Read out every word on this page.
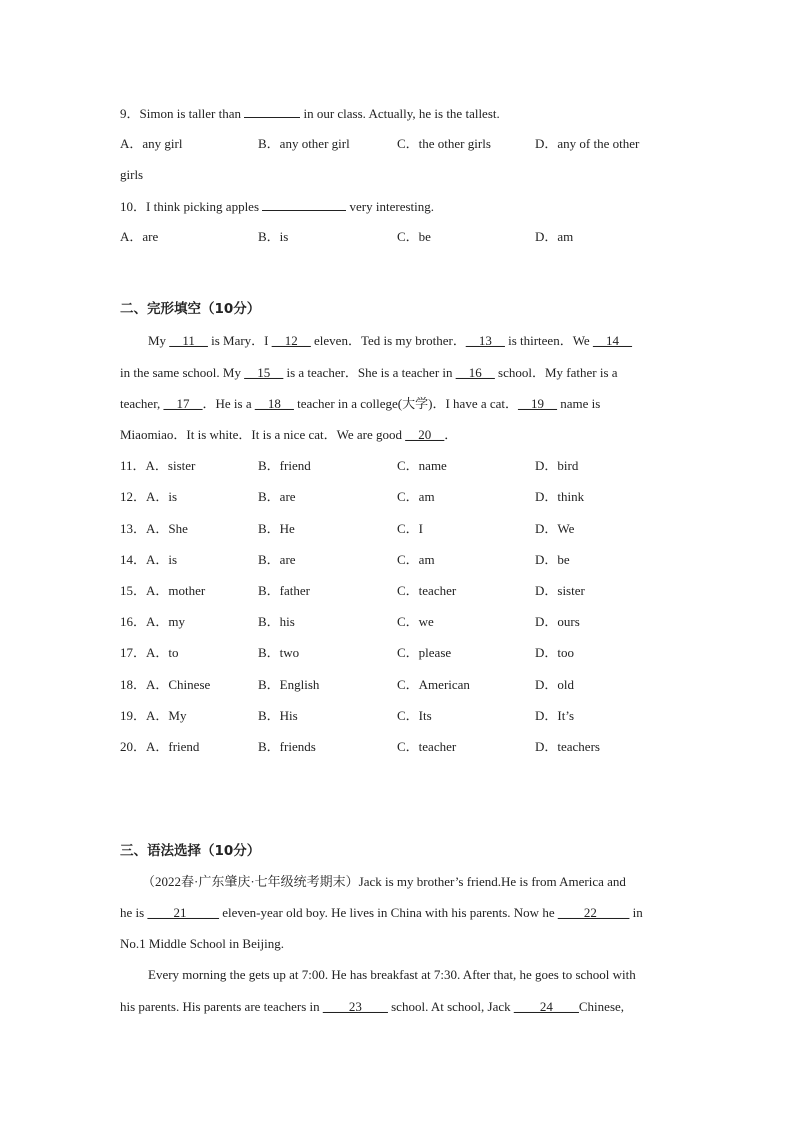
9．Simon is taller than	in our class. Actually, he is the tallest.
A．any girl	B．any other girl	C．the other girls	D．any of the other
girls
10．I think picking apples	very interesting.
A．are	B．is	C．be	D．am
二、完形填空（10分）
My __11__ is Mary．I __12__ eleven．Ted is my brother．__13__ is thirteen．We __14__
in the same school. My __15__ is a teacher．She is a teacher in __16__ school．My father is a
teacher, __17__．He is a __18__ teacher in a college(大学)．I have a cat．__19__ name is
Miaomiao．It is white．It is a nice cat．We are good __20__．
11．A．sister	B．friend	C．name	D．bird
12．A．is	B．are	C．am	D．think
13．A．She	B．He	C．I	D．We
14．A．is	B．are	C．am	D．be
15．A．mother	B．father	C．teacher	D．sister
16．A．my	B．his	C．we	D．ours
17．A．to	B．two	C．please	D．too
18．A．Chinese	B．English	C．American	D．old
19．A．My	B．His	C．Its	D．It’s
20．A．friend	B．friends	C．teacher	D．teachers
三、语法选择（10分）
（2022春·广东肇庆·七年级统考期末）Jack is my brother’s friend.He is from America and
he is ____21_____ eleven-year old boy. He lives in China with his parents. Now he ____22_____ in
No.1 Middle School in Beijing.
Every morning the gets up at 7:00. He has breakfast at 7:30. After that, he goes to school with
his parents. His parents are teachers in ____23____ school. At school, Jack ____24____Chinese,
